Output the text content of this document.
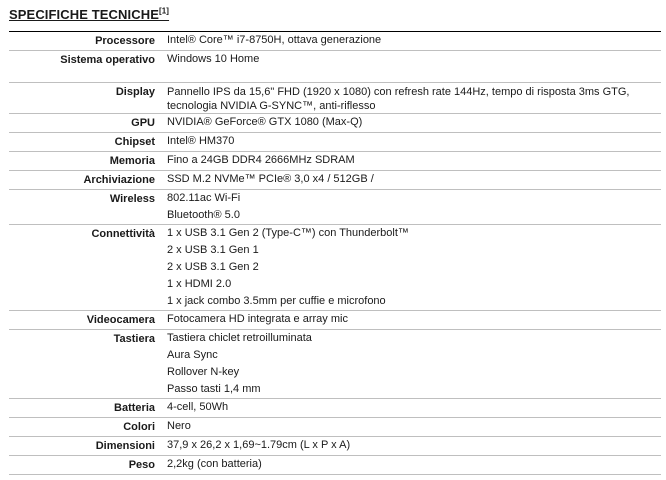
SPECIFICHE TECNICHE[1]
Processore	Intel® Core™ i7-8750H, ottava generazione

Sistema operativo	Windows 10 Home

Display	Pannello IPS da 15,6" FHD (1920 x 1080) con refresh rate 144Hz, tempo di risposta 3ms GTG, tecnologia NVIDIA G-SYNC™, anti-riflesso

GPU	NVIDIA® GeForce® GTX 1080 (Max-Q)

Chipset	Intel® HM370

Memoria	Fino a 24GB DDR4 2666MHz SDRAM

Archiviazione	SSD M.2 NVMe™ PCIe® 3,0 x4 / 512GB /

Wireless	802.11ac Wi-Fi
Bluetooth® 5.0

Connettività	1 x USB 3.1 Gen 2 (Type-C™) con Thunderbolt™
2 x USB 3.1 Gen 1
2 x USB 3.1 Gen 2
1 x HDMI 2.0
1 x jack combo 3.5mm per cuffie e microfono

Videocamera	Fotocamera HD integrata e array mic

Tastiera	Tastiera chiclet retroilluminata
Aura Sync
Rollover N-key
Passo tasti 1,4 mm

Batteria	4-cell, 50Wh

Colori	Nero

Dimensioni	37,9 x 26,2 x 1,69~1.79cm (L x P x A)

Peso	2,2kg (con batteria)
